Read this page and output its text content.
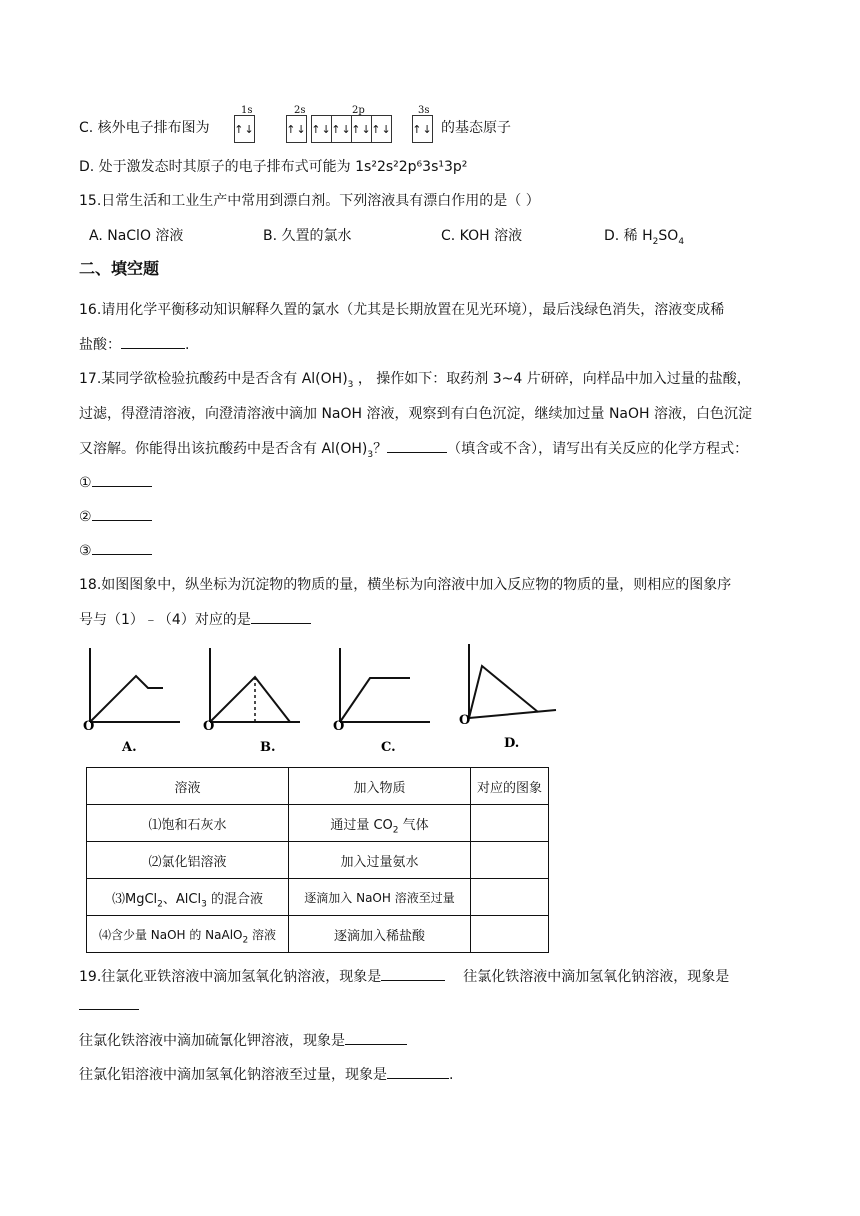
C. 核外电子排布图为
1s
↑↓
2s
↑↓
2p
↑↓ ↑↓ ↑↓ ↑↓
3s
↑↓ 的基态原子
D. 处于激发态时其原子的电子排布式可能为 1s²2s²2p⁶3s¹3p²
15.日常生活和工业生产中常用到漂白剂。下列溶液具有漂白作用的是（ ）
A. NaClO 溶液	B. 久置的氯水	C. KOH 溶液	D. 稀 $H_2SO_4$
二、填空题
16.请用化学平衡移动知识解释久置的氯水（尤其是长期放置在见光环境），最后浅绿色消失，溶液变成稀
盐酸：	.
17.某同学欲检验抗酸药中是否含有 $Al(OH)_3$ ， 操作如下：取药剂 3~4 片研碎，向样品中加入过量的盐酸，
过滤，得澄清溶液，向澄清溶液中滴加 NaOH 溶液，观察到有白色沉淀，继续加过量 NaOH 溶液，白色沉淀
又溶解。你能得出该抗酸药中是否含有 $Al(OH)_3$？	（填含或不含），请写出有关反应的化学方程式：
①
②
③
18.如图图象中，纵坐标为沉淀物的物质的量，横坐标为向溶液中加入反应物的物质的量，则相应的图象序
号与（1）﹣（4）对应的是
O
A.
O
B.
O
C.
O
D.
溶液	加入物质	对应的图象
⑴饱和石灰水	通过量 $CO_2$ 气体	
⑵氯化铝溶液	加入过量氨水	
⑶MgCl$_2$、AlCl$_3$ 的混合液	逐滴加入 NaOH 溶液至过量	
⑷含少量 NaOH 的 NaAlO$_2$ 溶液	逐滴加入稀盐酸	
19.往氯化亚铁溶液中滴加氢氧化钠溶液，现象是	往氯化铁溶液中滴加氢氧化钠溶液，现象是
往氯化铁溶液中滴加硫氰化钾溶液，现象是
往氯化铝溶液中滴加氢氧化钠溶液至过量，现象是	.
